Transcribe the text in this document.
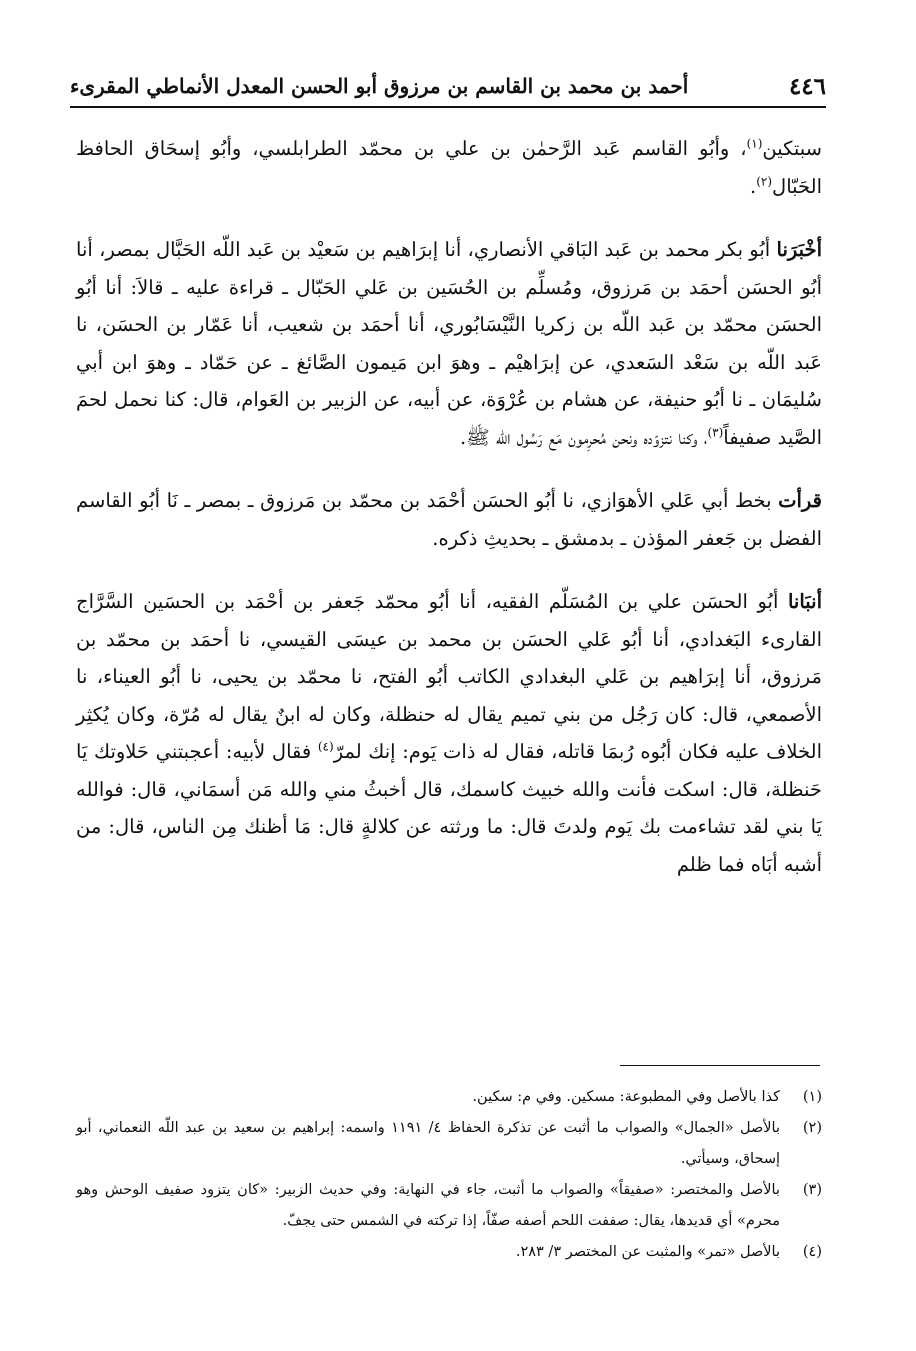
٤٤٦
أحمد بن محمد بن القاسم بن مرزوق أبو الحسن المعدل الأنماطي المقرىء

سبتكين$^{(١)}$، وأبُو القاسم عَبد الرَّحمٰن بن علي بن محمّد الطرابلسي، وأبُو إسحَاق الحافظ الحَبّال$^{(٢)}$.

أخْبَرَنا أبُو بكر محمد بن عَبد البَاقي الأنصاري، أنا إبرَاهيم بن سَعيْد بن عَبد اللّه الحَبَّال بمصر، أنا أبُو الحسَن أحمَد بن مَرزوق، ومُسلِّم بن الحُسَين بن عَلي الحَبّال ـ قراءة عليه ـ قالاَ: أنا أبُو الحسَن محمّد بن عَبد اللّه بن زكريا النَّيْسَابُوري، أنا أحمَد بن شعيب، أنا عَمّار بن الحسَن، نا عَبد اللّه بن سَعْد السَعدي، عن إبرَاهيْم ـ وهوَ ابن مَيمون الصَّائغ ـ عن حَمّاد ـ وهوَ ابن أبي سُليمَان ـ نا أبُو حنيفة، عن هشام بن عُرْوَة، عن أبيه، عن الزبير بن العَوام، قال: كنا نحمل لحمَ الصَّيد صفيفاً$^{(٣)}$، وكنا نتزوّده ونحن مُحرِمون مَع رَسُول الله ﷺ.

قرأت بخط أبي عَلي الأهوَازي، نا أبُو الحسَن أحْمَد بن محمّد بن مَرزوق ـ بمصر ـ نَا أبُو القاسم الفضل بن جَعفر المؤذن ـ بدمشق ـ بحديثِ ذكره.

أنبَانا أبُو الحسَن علي بن المُسَلّم الفقيه، أنا أبُو محمّد جَعفر بن أحْمَد بن الحسَين السَّرَّاج القارىء البَغدادي، أنا أبُو عَلي الحسَن بن محمد بن عيسَى القيسي، نا أحمَد بن محمّد بن مَرزوق، أنا إبرَاهيم بن عَلي البغدادي الكاتب أبُو الفتح، نا محمّد بن يحيى، نا أبُو العيناء، نا الأصمعي، قال: كان رَجُل من بني تميم يقال له حنظلة، وكان له ابنٌ يقال له مُرّة، وكان يُكثِر الخلاف عليه فكان أبُوه رُبمَا قاتله، فقال له ذات يَوم: إنك لمرّ$^{(٤)}$ فقال لأبيه: أعجبتني حَلاوتك يَا حَنظلة، قال: اسكت فأنت والله خبيث كاسمك، قال أخبثُ مني والله مَن أسمَاني، قال: فوالله يَا بني لقد تشاءمت بك يَوم ولدتَ قال: ما ورثته عن كلالةٍ قال: مَا أظنك مِن الناس، قال: من أشبه أبَاه فما ظلم

(١)
كذا بالأصل وفي المطبوعة: مسكين. وفي م: سكين.

(٢)
بالأصل «الجمال» والصواب ما أثبت عن تذكرة الحفاظ ٤/ ١١٩١ واسمه: إبراهيم بن سعيد بن عبد اللّه النعماني، أبو إسحاق، وسيأتي.

(٣)
بالأصل والمختصر: «صفيقاً» والصواب ما أثبت، جاء في النهاية: وفي حديث الزبير: «كان يتزود صفيف الوحش وهو محرم» أي قديدها، يقال: صففت اللحم أصفه صفّاً، إذا تركته في الشمس حتى يجفّ.

(٤)
بالأصل «تمر» والمثبت عن المختصر ٣/ ٢٨٣.
